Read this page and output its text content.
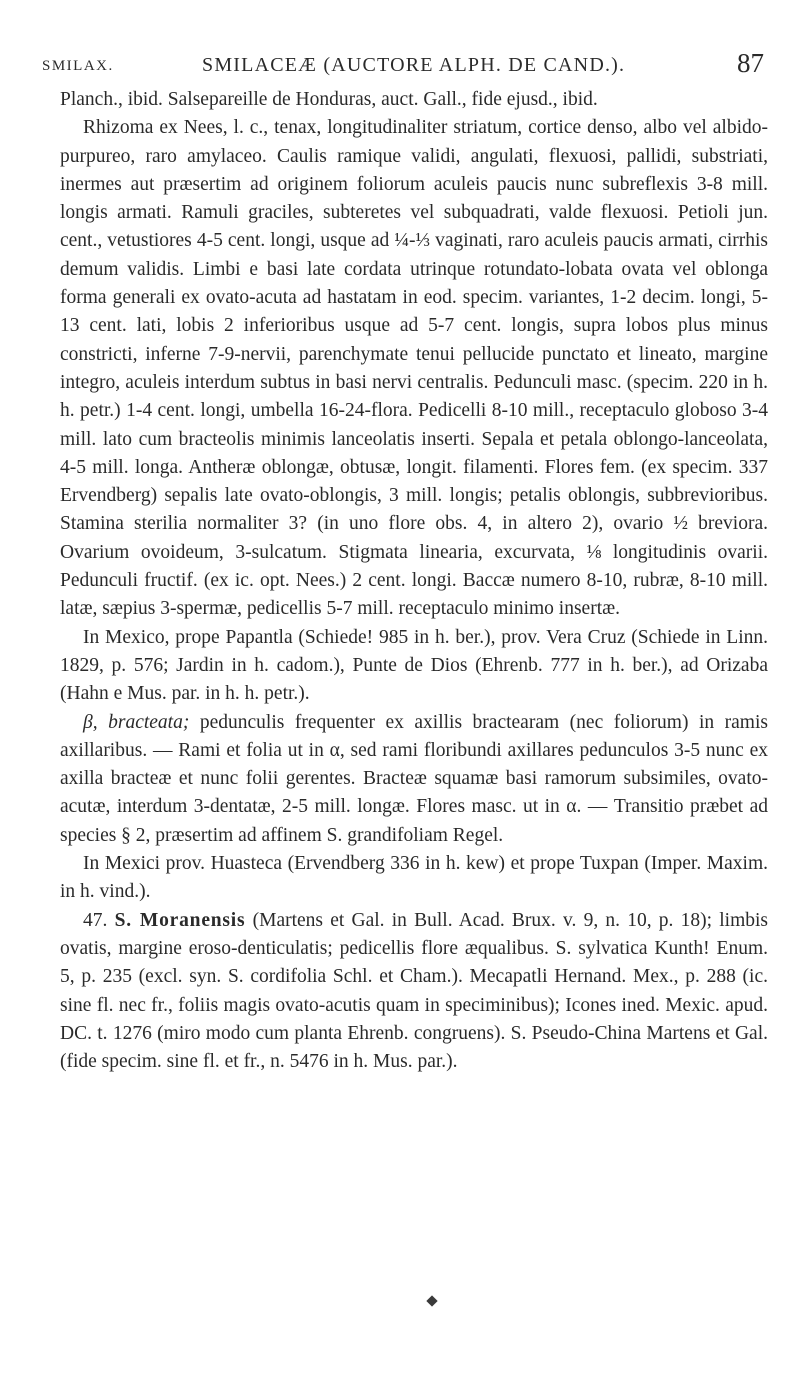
SMILAX.	SMILACEÆ (AUCTORE ALPH. DE CAND.).	87

Planch., ibid. Salsepareille de Honduras, auct. Gall., fide ejusd., ibid.

Rhizoma ex Nees, l. c., tenax, longitudinaliter striatum, cortice denso, albo vel albido-purpureo, raro amylaceo. Caulis ramique validi, angulati, flexuosi, pallidi, substriati, inermes aut præsertim ad originem foliorum aculeis paucis nunc subreflexis 3-8 mill. longis armati. Ramuli graciles, subteretes vel subquadrati, valde flexuosi. Petioli jun. cent., vetustiores 4-5 cent. longi, usque ad ¼-⅓ vaginati, raro aculeis paucis armati, cirrhis demum validis. Limbi e basi late cordata utrinque rotundato-lobata ovata vel oblonga forma generali ex ovato-acuta ad hastatam in eod. specim. variantes, 1-2 decim. longi, 5-13 cent. lati, lobis 2 inferioribus usque ad 5-7 cent. longis, supra lobos plus minus constricti, inferne 7-9-nervii, parenchymate tenui pellucide punctato et lineato, margine integro, aculeis interdum subtus in basi nervi centralis. Pedunculi masc. (specim. 220 in h. h. petr.) 1-4 cent. longi, umbella 16-24-flora. Pedicelli 8-10 mill., receptaculo globoso 3-4 mill. lato cum bracteolis minimis lanceolatis inserti. Sepala et petala oblongo-lanceolata, 4-5 mill. longa. Antheræ oblongæ, obtusæ, longit. filamenti. Flores fem. (ex specim. 337 Ervendberg) sepalis late ovato-oblongis, 3 mill. longis; petalis oblongis, subbrevioribus. Stamina sterilia normaliter 3? (in uno flore obs. 4, in altero 2), ovario ½ breviora. Ovarium ovoideum, 3-sulcatum. Stigmata linearia, excurvata, ⅛ longitudinis ovarii. Pedunculi fructif. (ex ic. opt. Nees.) 2 cent. longi. Baccæ numero 8-10, rubræ, 8-10 mill. latæ, sæpius 3-spermæ, pedicellis 5-7 mill. receptaculo minimo insertæ.

In Mexico, prope Papantla (Schiede! 985 in h. ber.), prov. Vera Cruz (Schiede in Linn. 1829, p. 576; Jardin in h. cadom.), Punte de Dios (Ehrenb. 777 in h. ber.), ad Orizaba (Hahn e Mus. par. in h. h. petr.).

β, bracteata; pedunculis frequenter ex axillis bractearam (nec foliorum) in ramis axillaribus. — Rami et folia ut in α, sed rami floribundi axillares pedunculos 3-5 nunc ex axilla bracteæ et nunc folii gerentes. Bracteæ squamæ basi ramorum subsimiles, ovato-acutæ, interdum 3-dentatæ, 2-5 mill. longæ. Flores masc. ut in α. — Transitio præbet ad species § 2, præsertim ad affinem S. grandifoliam Regel.

In Mexici prov. Huasteca (Ervendberg 336 in h. kew) et prope Tuxpan (Imper. Maxim. in h. vind.).

47. S. Moranensis (Martens et Gal. in Bull. Acad. Brux. v. 9, n. 10, p. 18); limbis ovatis, margine eroso-denticulatis; pedicellis flore æqualibus. S. sylvatica Kunth! Enum. 5, p. 235 (excl. syn. S. cordifolia Schl. et Cham.). Mecapatli Hernand. Mex., p. 288 (ic. sine fl. nec fr., foliis magis ovato-acutis quam in speciminibus); Icones ined. Mexic. apud. DC. t. 1276 (miro modo cum planta Ehrenb. congruens). S. Pseudo-China Martens et Gal. (fide specim. sine fl. et fr., n. 5476 in h. Mus. par.).
